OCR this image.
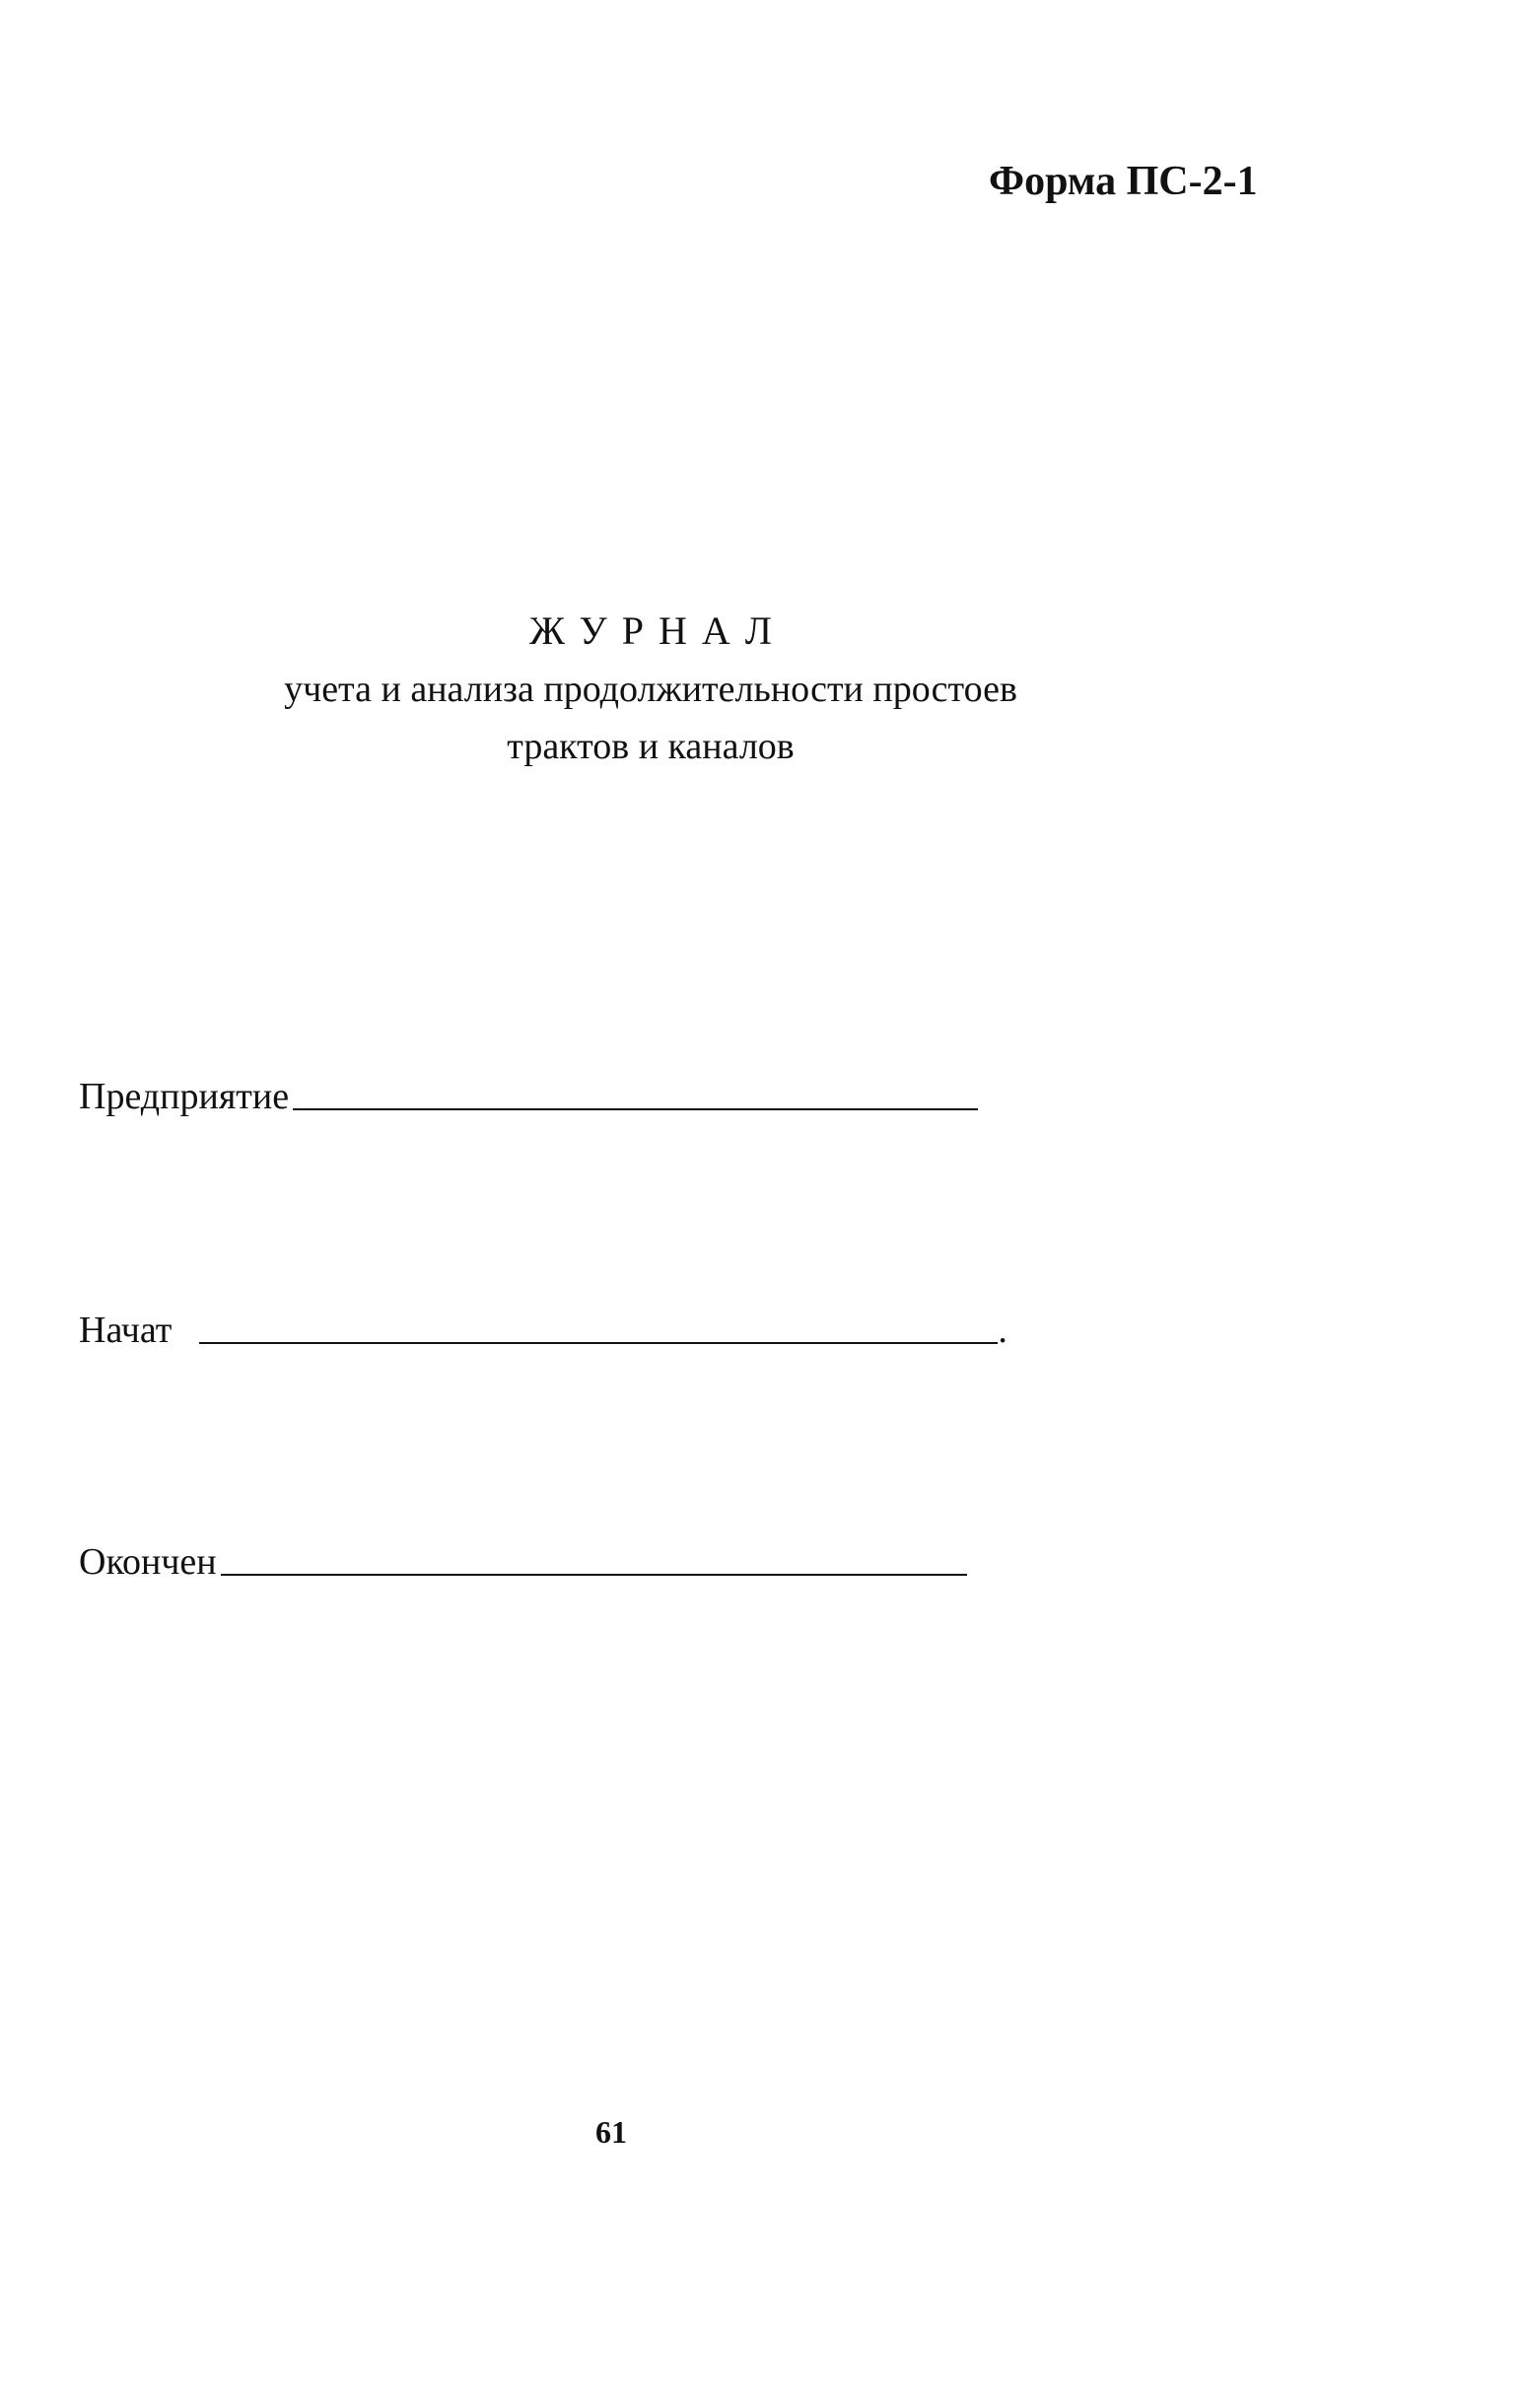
Форма ПС-2-1
ЖУРНАЛ
учета и анализа продолжительности простоев
трактов и каналов
Предприятие
Начат	.
Окончен
61
